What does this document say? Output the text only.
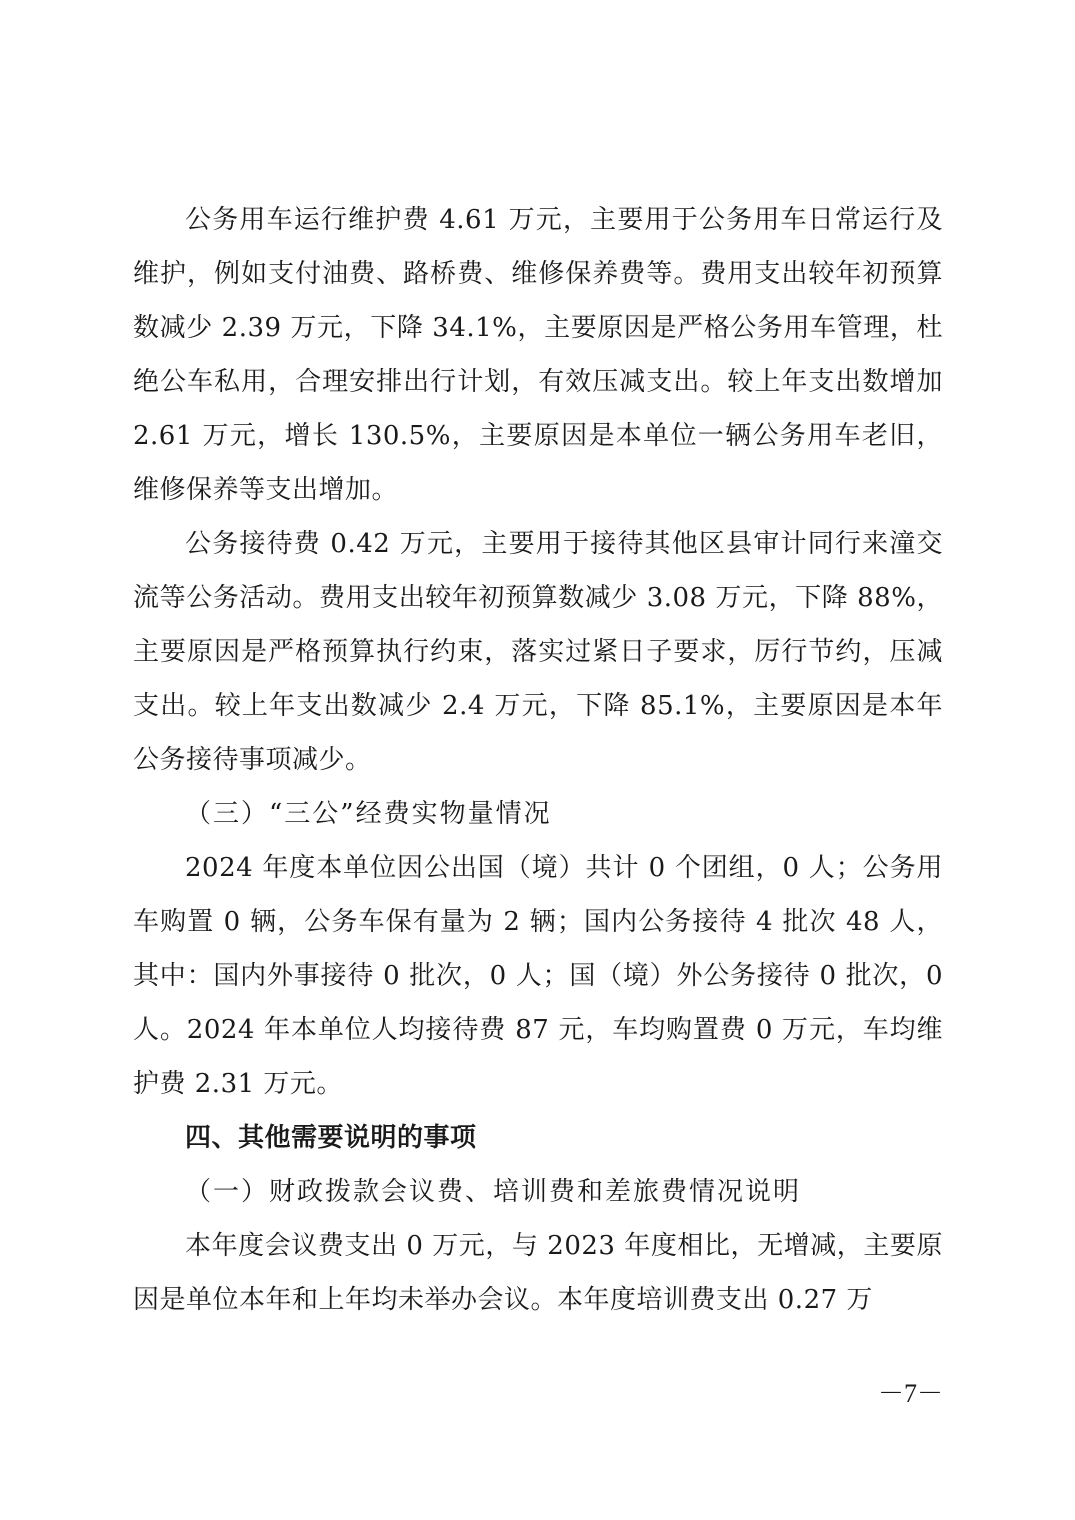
公务用车运行维护费 4.61 万元，主要用于公务用车日常运行及维护，例如支付油费、路桥费、维修保养费等。费用支出较年初预算数减少 2.39 万元，下降 34.1%，主要原因是严格公务用车管理，杜绝公车私用，合理安排出行计划，有效压减支出。较上年支出数增加 2.61 万元，增长 130.5%，主要原因是本单位一辆公务用车老旧，维修保养等支出增加。

公务接待费 0.42 万元，主要用于接待其他区县审计同行来潼交流等公务活动。费用支出较年初预算数减少 3.08 万元，下降 88%，主要原因是严格预算执行约束，落实过紧日子要求，厉行节约，压减支出。较上年支出数减少 2.4 万元，下降 85.1%，主要原因是本年公务接待事项减少。

（三）“三公”经费实物量情况

2024 年度本单位因公出国（境）共计 0 个团组，0 人；公务用车购置 0 辆，公务车保有量为 2 辆；国内公务接待 4 批次 48 人，其中：国内外事接待 0 批次，0 人；国（境）外公务接待 0 批次，0 人。2024 年本单位人均接待费 87 元，车均购置费 0 万元，车均维护费 2.31 万元。

四、其他需要说明的事项

（一）财政拨款会议费、培训费和差旅费情况说明

本年度会议费支出 0 万元，与 2023 年度相比，无增减，主要原因是单位本年和上年均未举办会议。本年度培训费支出 0.27 万

－7－
